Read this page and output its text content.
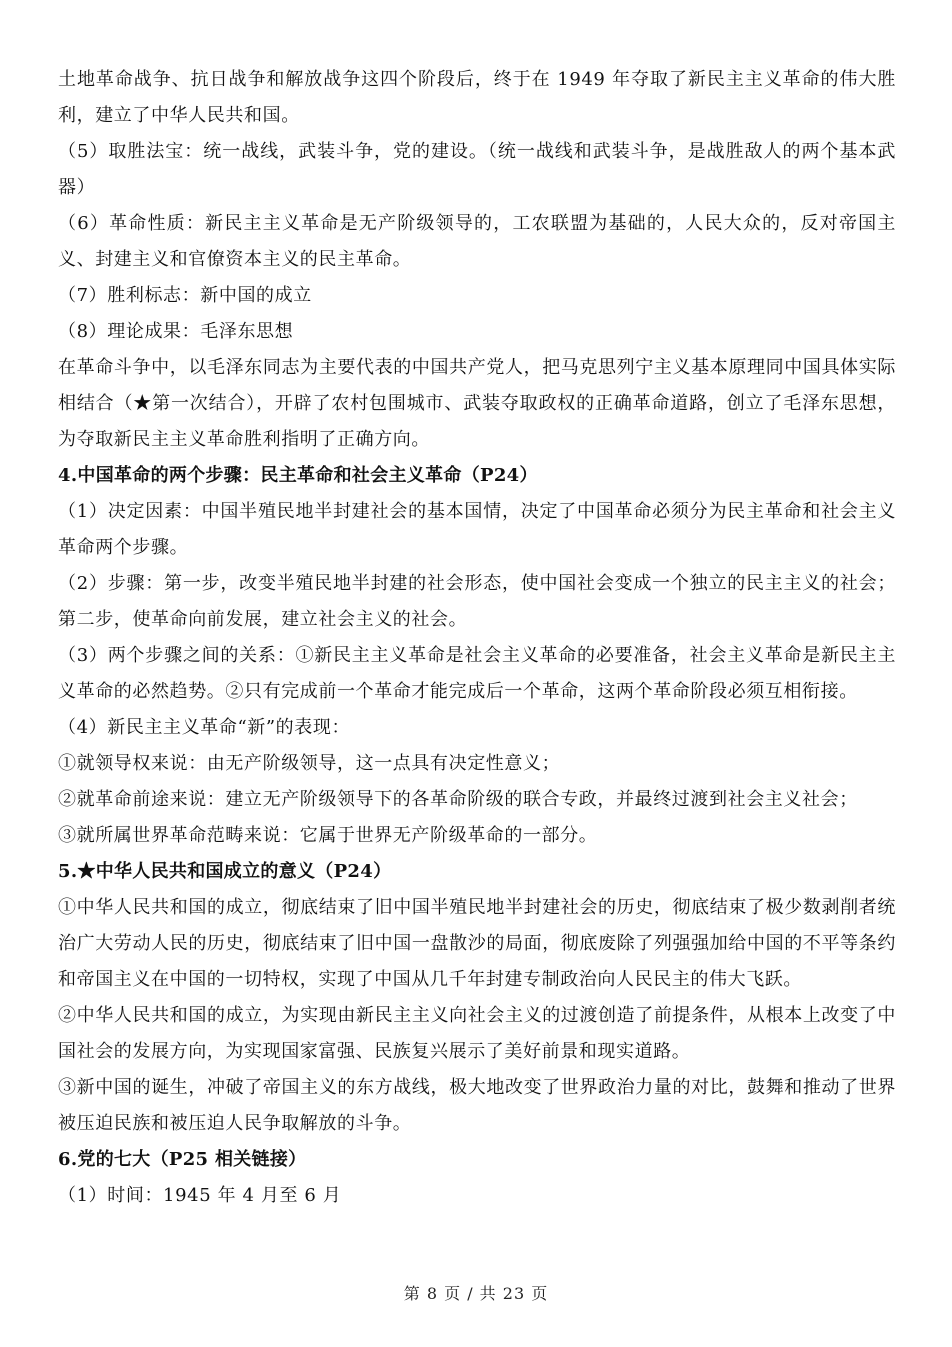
土地革命战争、抗日战争和解放战争这四个阶段后，终于在 1949 年夺取了新民主主义革命的伟大胜利，建立了中华人民共和国。
（5）取胜法宝：统一战线，武装斗争，党的建设。（统一战线和武装斗争，是战胜敌人的两个基本武器）
（6）革命性质：新民主主义革命是无产阶级领导的，工农联盟为基础的，人民大众的，反对帝国主义、封建主义和官僚资本主义的民主革命。
（7）胜利标志：新中国的成立
（8）理论成果：毛泽东思想
在革命斗争中，以毛泽东同志为主要代表的中国共产党人，把马克思列宁主义基本原理同中国具体实际相结合（★第一次结合），开辟了农村包围城市、武装夺取政权的正确革命道路，创立了毛泽东思想，为夺取新民主主义革命胜利指明了正确方向。
4.中国革命的两个步骤：民主革命和社会主义革命（P24）
（1）决定因素：中国半殖民地半封建社会的基本国情，决定了中国革命必须分为民主革命和社会主义革命两个步骤。
（2）步骤：第一步，改变半殖民地半封建的社会形态，使中国社会变成一个独立的民主主义的社会；第二步，使革命向前发展，建立社会主义的社会。
（3）两个步骤之间的关系：①新民主主义革命是社会主义革命的必要准备，社会主义革命是新民主主义革命的必然趋势。②只有完成前一个革命才能完成后一个革命，这两个革命阶段必须互相衔接。
（4）新民主主义革命“新”的表现：
①就领导权来说：由无产阶级领导，这一点具有决定性意义；
②就革命前途来说：建立无产阶级领导下的各革命阶级的联合专政，并最终过渡到社会主义社会；
③就所属世界革命范畴来说：它属于世界无产阶级革命的一部分。
5.★中华人民共和国成立的意义（P24）
①中华人民共和国的成立，彻底结束了旧中国半殖民地半封建社会的历史，彻底结束了极少数剥削者统治广大劳动人民的历史，彻底结束了旧中国一盘散沙的局面，彻底废除了列强强加给中国的不平等条约和帝国主义在中国的一切特权，实现了中国从几千年封建专制政治向人民民主的伟大飞跃。
②中华人民共和国的成立，为实现由新民主主义向社会主义的过渡创造了前提条件，从根本上改变了中国社会的发展方向，为实现国家富强、民族复兴展示了美好前景和现实道路。
③新中国的诞生，冲破了帝国主义的东方战线，极大地改变了世界政治力量的对比，鼓舞和推动了世界被压迫民族和被压迫人民争取解放的斗争。
6.党的七大（P25 相关链接）
（1）时间：1945 年 4 月至 6 月
第 8 页 / 共 23 页
